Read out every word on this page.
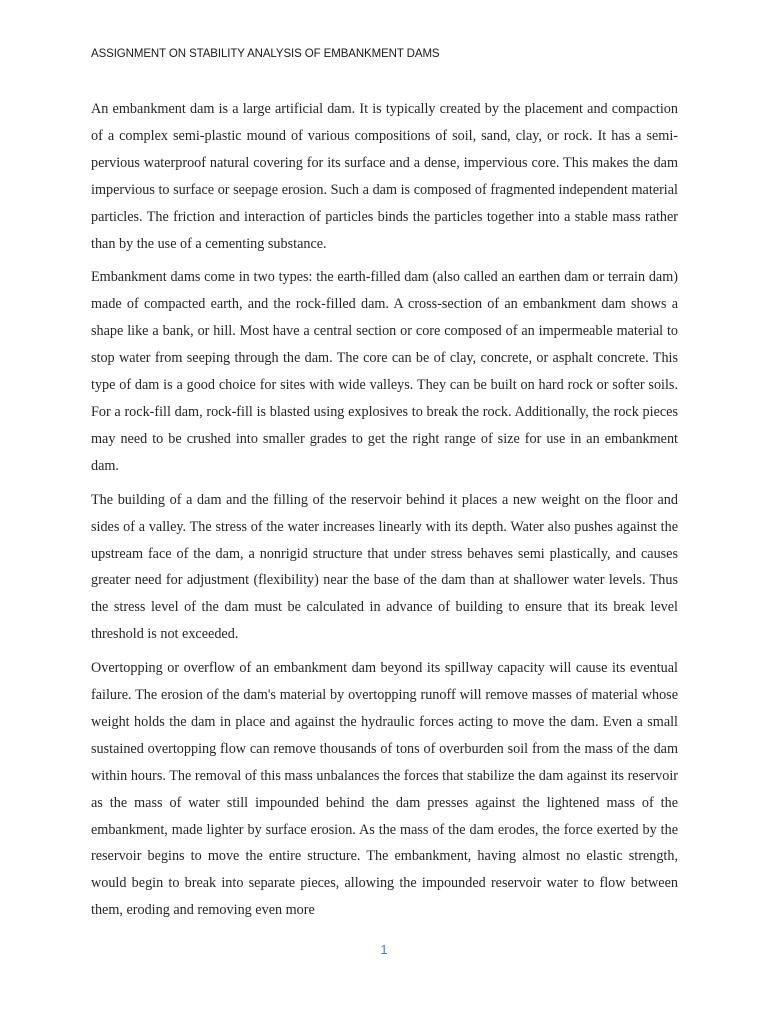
ASSIGNMENT ON STABILITY ANALYSIS OF EMBANKMENT DAMS

An embankment dam is a large artificial dam. It is typically created by the placement and compaction of a complex semi-plastic mound of various compositions of soil, sand, clay, or rock. It has a semi-pervious waterproof natural covering for its surface and a dense, impervious core. This makes the dam impervious to surface or seepage erosion. Such a dam is composed of fragmented independent material particles. The friction and interaction of particles binds the particles together into a stable mass rather than by the use of a cementing substance.

Embankment dams come in two types: the earth-filled dam (also called an earthen dam or terrain dam) made of compacted earth, and the rock-filled dam. A cross-section of an embankment dam shows a shape like a bank, or hill. Most have a central section or core composed of an impermeable material to stop water from seeping through the dam. The core can be of clay, concrete, or asphalt concrete. This type of dam is a good choice for sites with wide valleys. They can be built on hard rock or softer soils. For a rock-fill dam, rock-fill is blasted using explosives to break the rock. Additionally, the rock pieces may need to be crushed into smaller grades to get the right range of size for use in an embankment dam.

The building of a dam and the filling of the reservoir behind it places a new weight on the floor and sides of a valley. The stress of the water increases linearly with its depth. Water also pushes against the upstream face of the dam, a nonrigid structure that under stress behaves semi plastically, and causes greater need for adjustment (flexibility) near the base of the dam than at shallower water levels. Thus the stress level of the dam must be calculated in advance of building to ensure that its break level threshold is not exceeded.

Overtopping or overflow of an embankment dam beyond its spillway capacity will cause its eventual failure. The erosion of the dam's material by overtopping runoff will remove masses of material whose weight holds the dam in place and against the hydraulic forces acting to move the dam. Even a small sustained overtopping flow can remove thousands of tons of overburden soil from the mass of the dam within hours. The removal of this mass unbalances the forces that stabilize the dam against its reservoir as the mass of water still impounded behind the dam presses against the lightened mass of the embankment, made lighter by surface erosion. As the mass of the dam erodes, the force exerted by the reservoir begins to move the entire structure. The embankment, having almost no elastic strength, would begin to break into separate pieces, allowing the impounded reservoir water to flow between them, eroding and removing even more

1
